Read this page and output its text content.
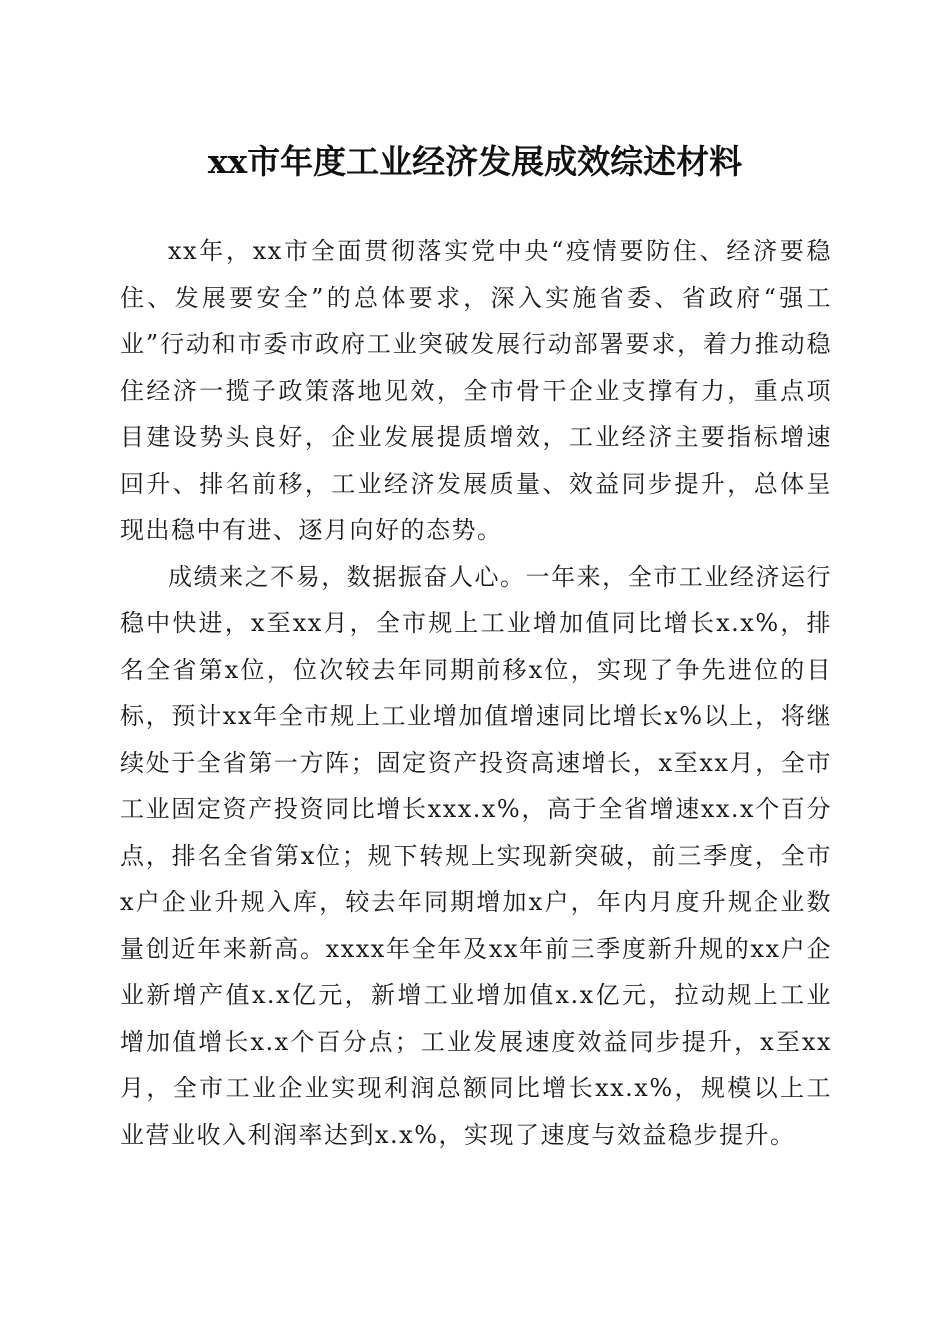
xx市年度工业经济发展成效综述材料

xx年，xx市全面贯彻落实党中央“疫情要防住、经济要稳住、发展要安全”的总体要求，深入实施省委、省政府“强工业”行动和市委市政府工业突破发展行动部署要求，着力推动稳住经济一揽子政策落地见效，全市骨干企业支撑有力，重点项目建设势头良好，企业发展提质增效，工业经济主要指标增速回升、排名前移，工业经济发展质量、效益同步提升，总体呈现出稳中有进、逐月向好的态势。

成绩来之不易，数据振奋人心。一年来，全市工业经济运行稳中快进，x至xx月，全市规上工业增加值同比增长x.x%，排名全省第x位，位次较去年同期前移x位，实现了争先进位的目标，预计xx年全市规上工业增加值增速同比增长x%以上，将继续处于全省第一方阵；固定资产投资高速增长，x至xx月，全市工业固定资产投资同比增长xxx.x%，高于全省增速xx.x个百分点，排名全省第x位；规下转规上实现新突破，前三季度，全市x户企业升规入库，较去年同期增加x户，年内月度升规企业数量创近年来新高。xxxx年全年及xx年前三季度新升规的xx户企业新增产值x.x亿元，新增工业增加值x.x亿元，拉动规上工业增加值增长x.x个百分点；工业发展速度效益同步提升，x至xx月，全市工业企业实现利润总额同比增长xx.x%，规模以上工业营业收入利润率达到x.x%，实现了速度与效益稳步提升。
